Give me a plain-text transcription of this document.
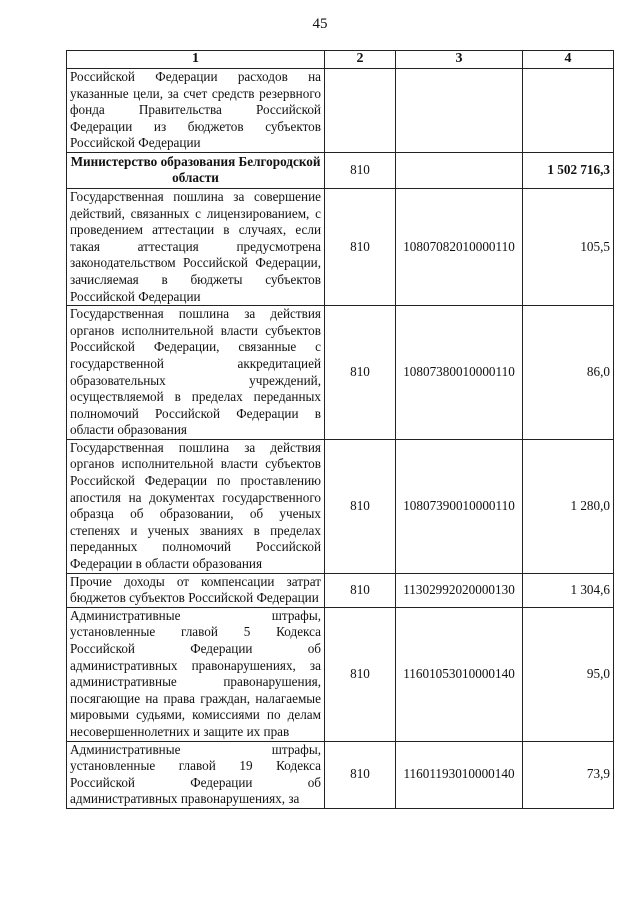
45
1	2	3	4
Российской Федерации расходов на указанные цели, за счет средств резервного фонда Правительства Российской Федерации из бюджетов субъектов Российской Федерации			
Министерство образования Белгородской области	810		1 502 716,3
Государственная пошлина за совершение действий, связанных с лицензированием, с проведением аттестации в случаях, если такая аттестация предусмотрена законодательством Российской Федерации, зачисляемая в бюджеты субъектов Российской Федерации	810	10807082010000110	105,5
Государственная пошлина за действия органов исполнительной власти субъектов Российской Федерации, связанные с государственной аккредитацией образовательных учреждений, осуществляемой в пределах переданных полномочий Российской Федерации в области образования	810	10807380010000110	86,0
Государственная пошлина за действия органов исполнительной власти субъектов Российской Федерации по проставлению апостиля на документах государственного образца об образовании, об ученых степенях и ученых званиях в пределах переданных полномочий Российской Федерации в области образования	810	10807390010000110	1 280,0
Прочие доходы от компенсации затрат бюджетов субъектов Российской Федерации	810	11302992020000130	1 304,6
Административные штрафы, установленные главой 5 Кодекса Российской Федерации об административных правонарушениях, за административные правонарушения, посягающие на права граждан, налагаемые мировыми судьями, комиссиями по делам несовершеннолетних и защите их прав	810	11601053010000140	95,0
Административные штрафы, установленные главой 19 Кодекса Российской Федерации об административных правонарушениях, за	810	11601193010000140	73,9
